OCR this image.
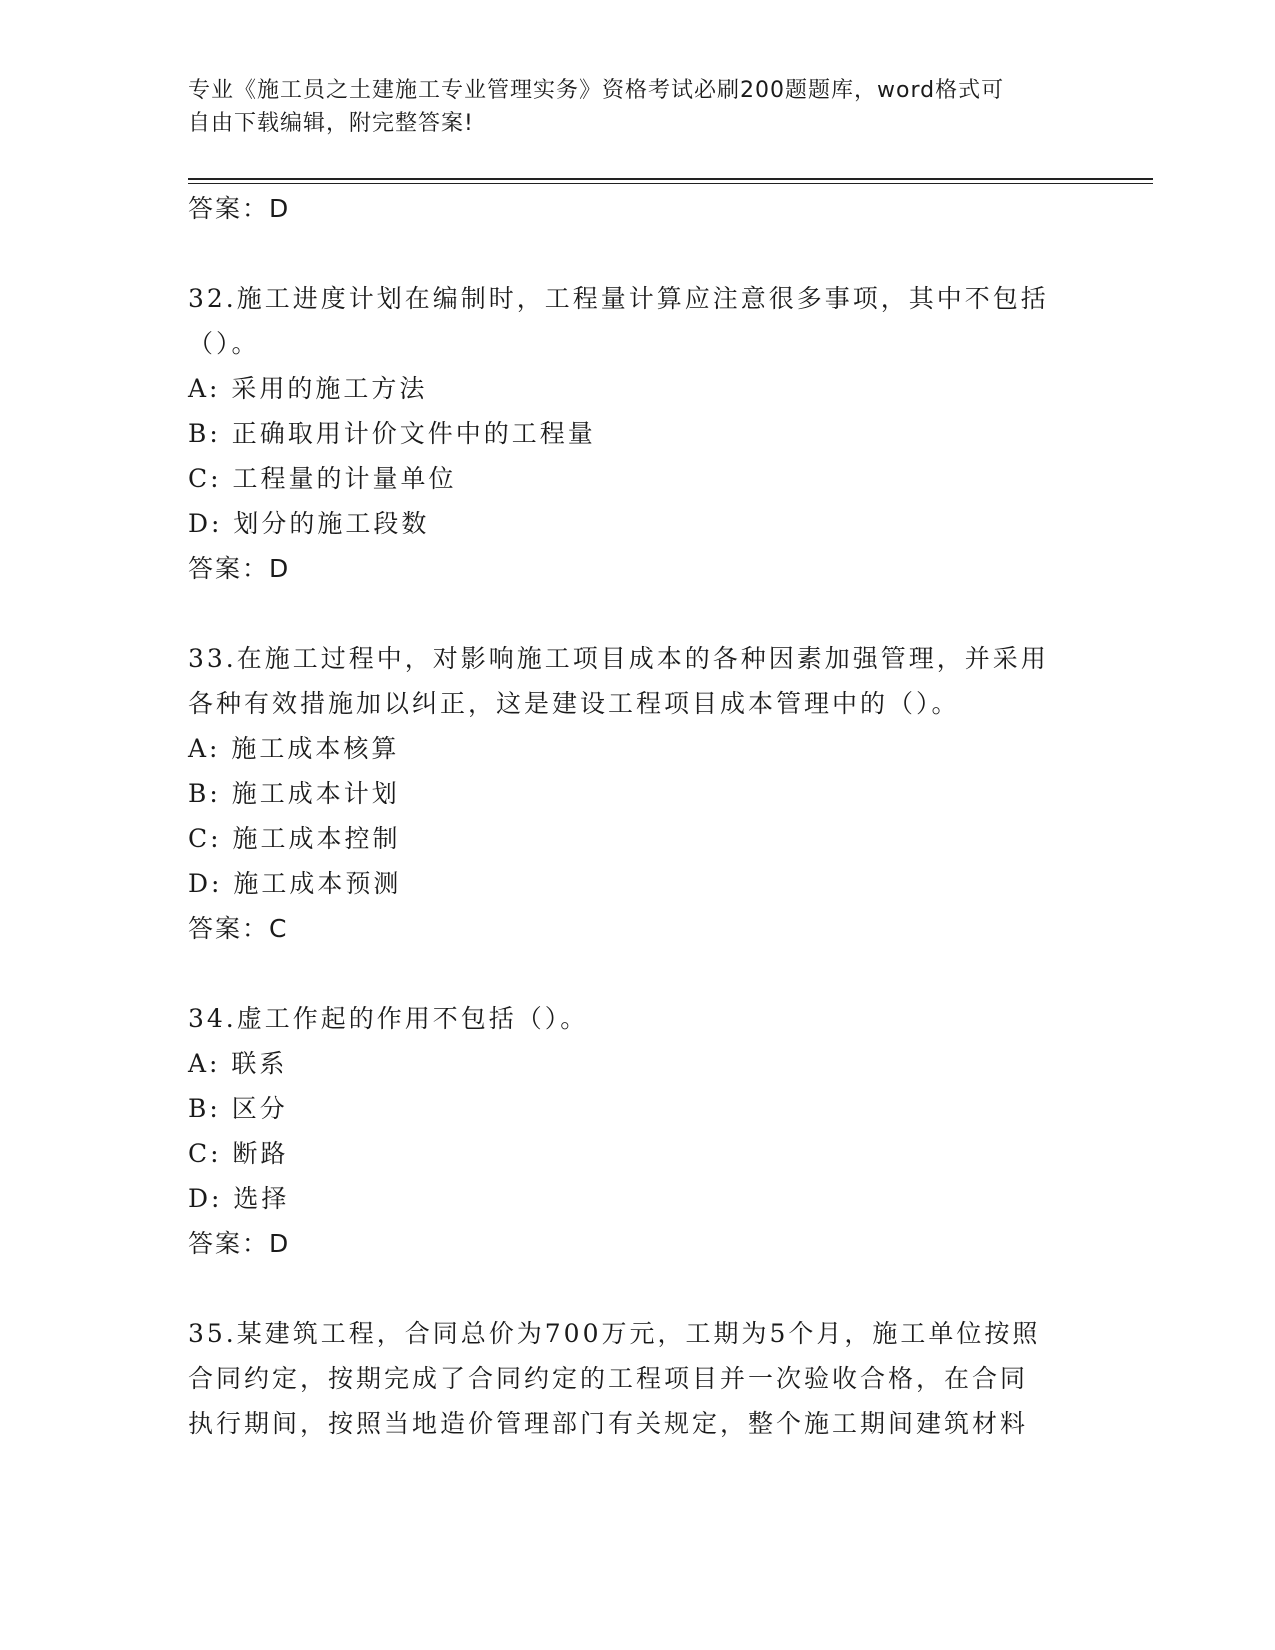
专业《施工员之土建施工专业管理实务》资格考试必刷200题题库，word格式可
自由下载编辑，附完整答案!

答案：D

32.施工进度计划在编制时，工程量计算应注意很多事项，其中不包括

（）。

A: 采用的施工方法

B: 正确取用计价文件中的工程量

C: 工程量的计量单位

D: 划分的施工段数

答案：D

33.在施工过程中，对影响施工项目成本的各种因素加强管理，并采用

各种有效措施加以纠正，这是建设工程项目成本管理中的（）。

A: 施工成本核算

B: 施工成本计划

C: 施工成本控制

D: 施工成本预测

答案：C

34.虚工作起的作用不包括（）。

A: 联系

B: 区分

C: 断路

D: 选择

答案：D

35.某建筑工程，合同总价为700万元，工期为5个月，施工单位按照

合同约定，按期完成了合同约定的工程项目并一次验收合格，在合同

执行期间，按照当地造价管理部门有关规定，整个施工期间建筑材料
